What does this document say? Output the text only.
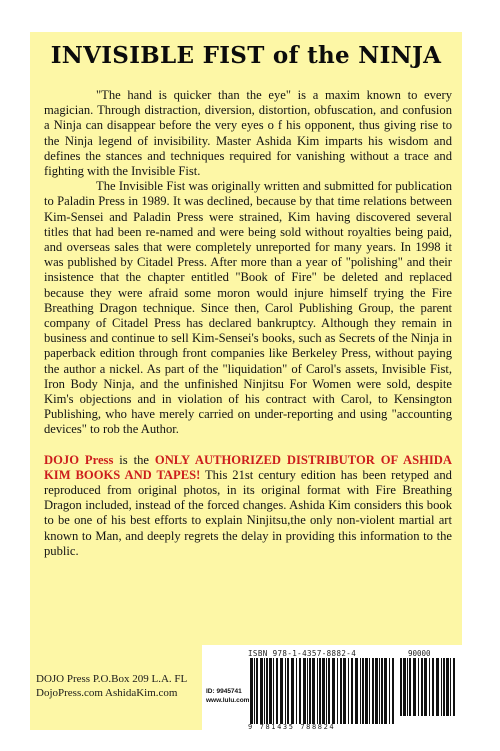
INVISIBLE FIST of the NINJA

"The hand is quicker than the eye" is a maxim known to every magician. Through distraction, diversion, distortion, obfuscation, and confusion a Ninja can disappear before the very eyes o f his opponent, thus giving rise to the Ninja legend of invisibility. Master Ashida Kim imparts his wisdom and defines the stances and techniques required for vanishing without a trace and fighting with the Invisible Fist.

The Invisible Fist was originally written and submitted for publication to Paladin Press in 1989. It was declined, because by that time relations between Kim-Sensei and Paladin Press were strained, Kim having discovered several titles that had been re-named and were being sold without royalties being paid, and overseas sales that were completely unreported for many years. In 1998 it was published by Citadel Press. After more than a year of "polishing" and their insistence that the chapter entitled "Book of Fire" be deleted and replaced because they were afraid some moron would injure himself trying the Fire Breathing Dragon technique. Since then, Carol Publishing Group, the parent company of Citadel Press has declared bankruptcy. Although they remain in business and continue to sell Kim-Sensei's books, such as Secrets of the Ninja in paperback edition through front companies like Berkeley Press, without paying the author a nickel. As part of the "liquidation" of Carol's assets, Invisible Fist, Iron Body Ninja, and the unfinished Ninjitsu For Women were sold, despite Kim's objections and in violation of his contract with Carol, to Kensington Publishing, who have merely carried on under-reporting and using "accounting devices" to rob the Author.

DOJO Press is the ONLY AUTHORIZED DISTRIBUTOR OF ASHIDA KIM BOOKS AND TAPES! This 21st century edition has been retyped and reproduced from original photos, in its original format with Fire Breathing Dragon included, instead of the forced changes. Ashida Kim considers this book to be one of his best efforts to explain Ninjitsu,the only non-violent martial art known to Man, and deeply regrets the delay in providing this information to the public.

DOJO Press P.O.Box 209 L.A. FL
DojoPress.com AshidaKim.com
ISBN 978-1-4357-8882-4	90000
ID: 9945741
www.lulu.com
9 781435 788824
